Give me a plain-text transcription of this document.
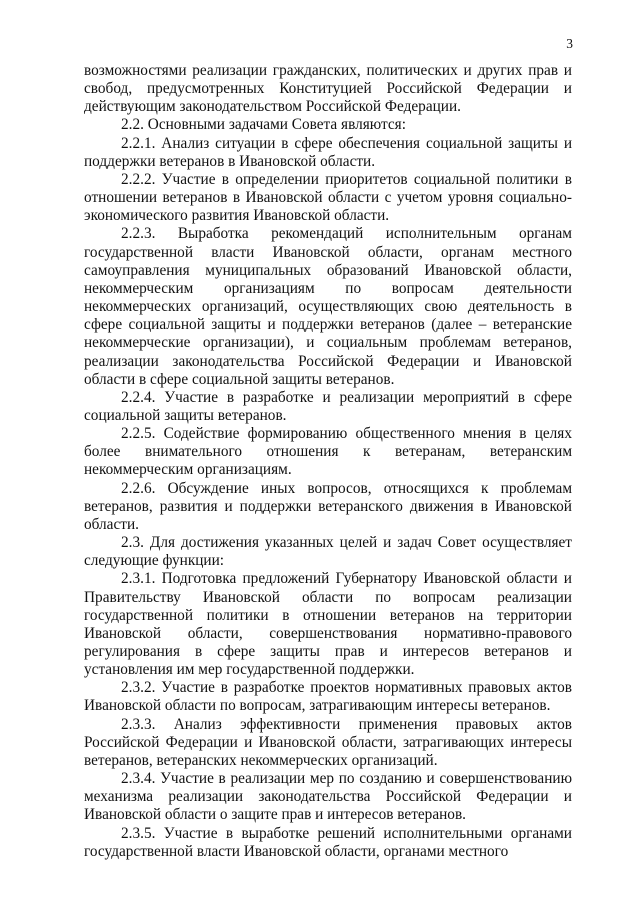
3

возможностями реализации гражданских, политических и других прав и свобод, предусмотренных Конституцией Российской Федерации и действующим законодательством Российской Федерации.

2.2. Основными задачами Совета являются:

2.2.1. Анализ ситуации в сфере обеспечения социальной защиты и поддержки ветеранов в Ивановской области.

2.2.2. Участие в определении приоритетов социальной политики в отношении ветеранов в Ивановской области с учетом уровня социально-экономического развития Ивановской области.

2.2.3. Выработка рекомендаций исполнительным органам государственной власти Ивановской области, органам местного самоуправления муниципальных образований Ивановской области, некоммерческим организациям по вопросам деятельности некоммерческих организаций, осуществляющих свою деятельность в сфере социальной защиты и поддержки ветеранов (далее – ветеранские некоммерческие организации), и социальным проблемам ветеранов, реализации законодательства Российской Федерации и Ивановской области в сфере социальной защиты ветеранов.

2.2.4. Участие в разработке и реализации мероприятий в сфере социальной защиты ветеранов.

2.2.5. Содействие формированию общественного мнения в целях более внимательного отношения к ветеранам, ветеранским некоммерческим организациям.

2.2.6. Обсуждение иных вопросов, относящихся к проблемам ветеранов, развития и поддержки ветеранского движения в Ивановской области.

2.3. Для достижения указанных целей и задач Совет осуществляет следующие функции:

2.3.1. Подготовка предложений Губернатору Ивановской области и Правительству Ивановской области по вопросам реализации государственной политики в отношении ветеранов на территории Ивановской области, совершенствования нормативно-правового регулирования в сфере защиты прав и интересов ветеранов и установления им мер государственной поддержки.

2.3.2. Участие в разработке проектов нормативных правовых актов Ивановской области по вопросам, затрагивающим интересы ветеранов.

2.3.3. Анализ эффективности применения правовых актов Российской Федерации и Ивановской области, затрагивающих интересы ветеранов, ветеранских некоммерческих организаций.

2.3.4. Участие в реализации мер по созданию и совершенствованию механизма реализации законодательства Российской Федерации и Ивановской области о защите прав и интересов ветеранов.

2.3.5. Участие в выработке решений исполнительными органами государственной власти Ивановской области, органами местного
